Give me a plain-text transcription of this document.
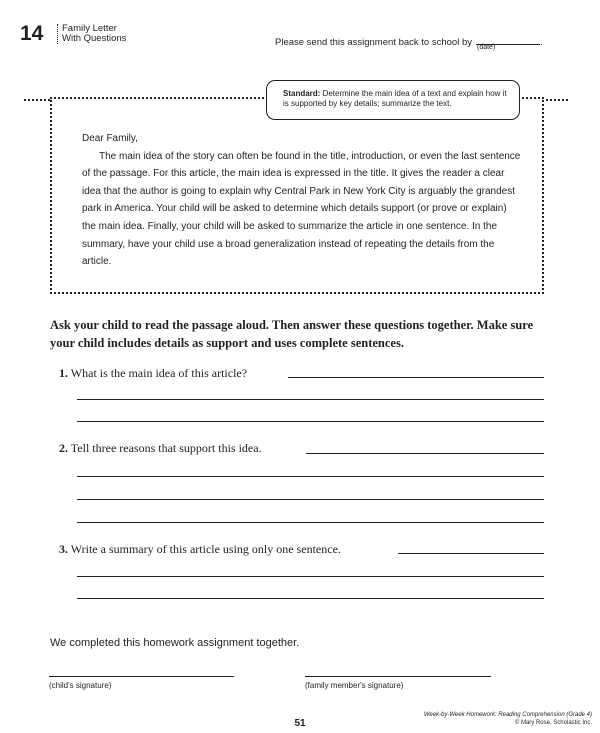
14 Family Letter
With Questions	Please send this assignment back to school by	.
(date)
Standard: Determine the main idea of a text and explain how it is supported by key details; summarize the text.

Dear Family,

The main idea of the story can often be found in the title, introduction, or even the last sentence of the passage. For this article, the main idea is expressed in the title. It gives the reader a clear idea that the author is going to explain why Central Park in New York City is arguably the grandest park in America. Your child will be asked to determine which details support (or prove or explain) the main idea. Finally, your child will be asked to summarize the article in one sentence. In the summary, have your child use a broad generalization instead of repeating the details from the article.

Ask your child to read the passage aloud. Then answer these questions together. Make sure your child includes details as support and uses complete sentences.
1. What is the main idea of this article?
2. Tell three reasons that support this idea.
3. Write a summary of this article using only one sentence.
We completed this homework assignment together.
(child's signature)	(family member's signature)
51
Week-by-Week Homework: Reading Comprehension (Grade 4)
© Mary Rose, Scholastic Inc.
